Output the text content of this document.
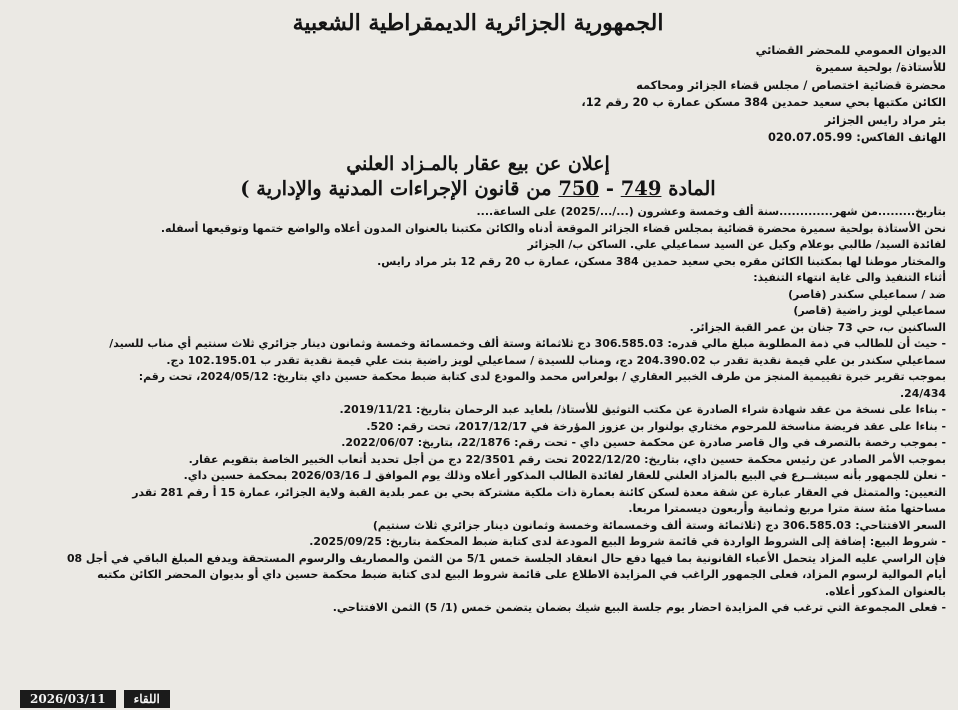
الجمهورية الجزائرية الديمقراطية الشعبية
الديوان العمومي للمحضر القضائي
للأستاذة/ بولحية سميرة
محضرة قضائية اختصاص / مجلس قضاء الجزائر ومحاكمه
الكائن مكتبها بحي سعيد حمدين 384 مسكن عمارة ب 20 رقم 12،
بئر مراد رايس الجزائر
الهاتف الفاكس: 020.07.05.99
إعلان عن بيع عقار بالمـزاد العلني
المادة 749 - 750 من قانون الإجراءات المدنية والإدارية )

بتاريخ.........من شهر.............سنة ألف وخمسة وعشرون (.../.../2025) على الساعة....

نحن الأستاذة بولحية سميرة محضرة قضائية بمجلس قضاء الجزائر الموقعة أدناه والكائن مكتبنا بالعنوان المدون أعلاه والواضع ختمها وتوقيعها أسفله.

لفائدة السيد/ طالبي بوعلام وكيل عن السيد سماعيلي علي. الساكن ب/ الجزائر

والمختار موطنا لها بمكتبنا الكائن مقره بحي سعيد حمدين 384 مسكن، عمارة ب 20 رقم 12 بئر مراد رايس.

أثناء التنفيذ والى غاية انتهاء التنفيذ:

ضد / سماعيلي سكندر (قاصر)

سماعيلي لويز راضية (قاصر)

الساكنين ب، حي 73 جنان بن عمر القبة الجزائر.

- حيث أن للطالب في ذمة المطلوبة مبلغ مالي قدره: 306.585.03 دج ثلاثمائة وستة ألف وخمسمائة وخمسة وثمانون دينار جزائري ثلاث سنتيم أي مناب للسيد/

سماعيلي سكندر بن علي قيمة نقدية تقدر ب 204.390.02 دج، ومناب للسيدة / سماعيلي لويز راضية بنت علي قيمة نقدية تقدر ب 102.195.01 دج.

بموجب تقرير خبرة تقييمية المنجز من طرف الخبير العقاري / بولعراس محمد والمودع لدى كتابة ضبط محكمة حسين داي بتاريخ: 2024/05/12، تحت رقم:

24/434.

- بناءا على نسخة من عقد شهادة شراء الصادرة عن مكتب التوثيق للأستاذ/ بلعايد عبد الرحمان بتاريخ: 2019/11/21.

- بناءا على عقد فريضة مناسخة للمرحوم مختاري بولنوار بن عزوز المؤرخة في 2017/12/17، تحت رقم: 520.

- بموجب رخصة بالتصرف في وال قاصر صادرة عن محكمة حسين داي - تحت رقم: 22/1876، بتاريخ: 2022/06/07.

بموجب الأمر الصادر عن رئيس محكمة حسين داي، بتاريخ: 2022/12/20 تحت رقم 22/3501 دج من أجل تحديد أتعاب الخبير الخاصة بتقويم عقار.

- نعلن للجمهور بأنه سيشــرع في البيع بالمزاد العلني للعقار لفائدة الطالب المذكور أعلاه وذلك يوم الموافق لـ 2026/03/16 بمحكمة حسين داي.

التعيين: والمتمثل في العقار عبارة عن شقة معدة لسكن كائنة بعمارة ذات ملكية مشتركة بحي بن عمر بلدية القبة ولاية الجزائر، عمارة 15 أ رقم 281 تقدر

مساحتها مئة سنة مترا مربع وثمانية وأربعون ديسمترا مربعا.

السعر الافتتاحي: 306.585.03 دج (ثلاثمائة وستة ألف وخمسمائة وخمسة وثمانون دينار جزائري ثلاث سنتيم)

- شروط البيع: إضافة إلى الشروط الواردة في قائمة شروط البيع المودعة لدى كتابة ضبط المحكمة بتاريخ: 2025/09/25.

فإن الراسي عليه المزاد يتحمل الأعباء القانونية بما فيها دفع حال انعقاد الجلسة خمس 5/1 من الثمن والمصاريف والرسوم المستحقة ويدفع المبلغ الباقي في أجل 08

أيام الموالية لرسوم المزاد، فعلى الجمهور الراغب في المزايدة الاطلاع على قائمة شروط البيع لدى كتابة ضبط محكمة حسين داي أو بديوان المحضر الكائن مكتبه

بالعنوان المذكور أعلاه.

- فعلى المجموعة التي ترغب في المزايدة احضار يوم جلسة البيع شيك بضمان يتضمن خمس (1/ 5) الثمن الافتتاحي.

2026/03/11	اللقاء
